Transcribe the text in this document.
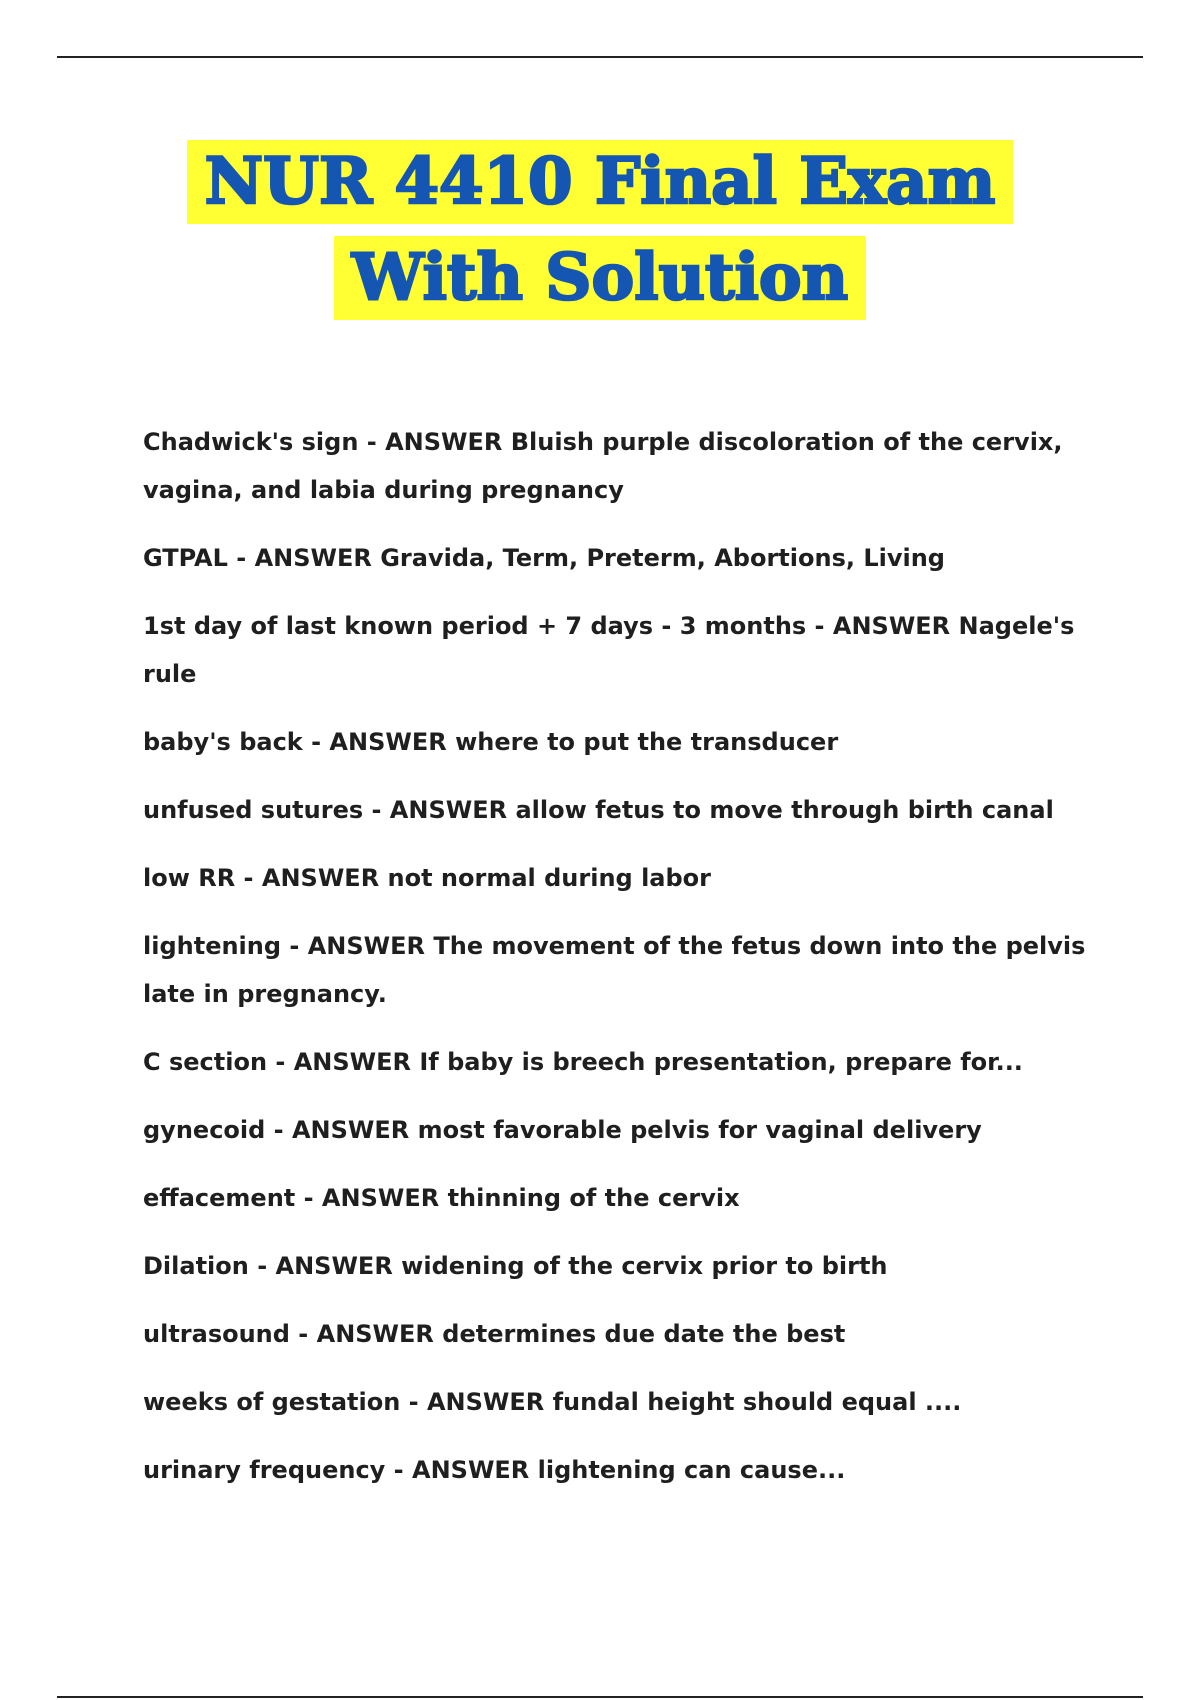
NUR 4410 Final Exam
With Solution
Chadwick's sign - ANSWER Bluish purple discoloration of the cervix, vagina, and labia during pregnancy
GTPAL - ANSWER Gravida, Term, Preterm, Abortions, Living
1st day of last known period + 7 days - 3 months - ANSWER Nagele's rule
baby's back - ANSWER where to put the transducer
unfused sutures - ANSWER allow fetus to move through birth canal
low RR - ANSWER not normal during labor
lightening - ANSWER The movement of the fetus down into the pelvis late in pregnancy.
C section - ANSWER If baby is breech presentation, prepare for...
gynecoid - ANSWER most favorable pelvis for vaginal delivery
effacement - ANSWER thinning of the cervix
Dilation - ANSWER widening of the cervix prior to birth
ultrasound - ANSWER determines due date the best
weeks of gestation - ANSWER fundal height should equal ....
urinary frequency - ANSWER lightening can cause...
